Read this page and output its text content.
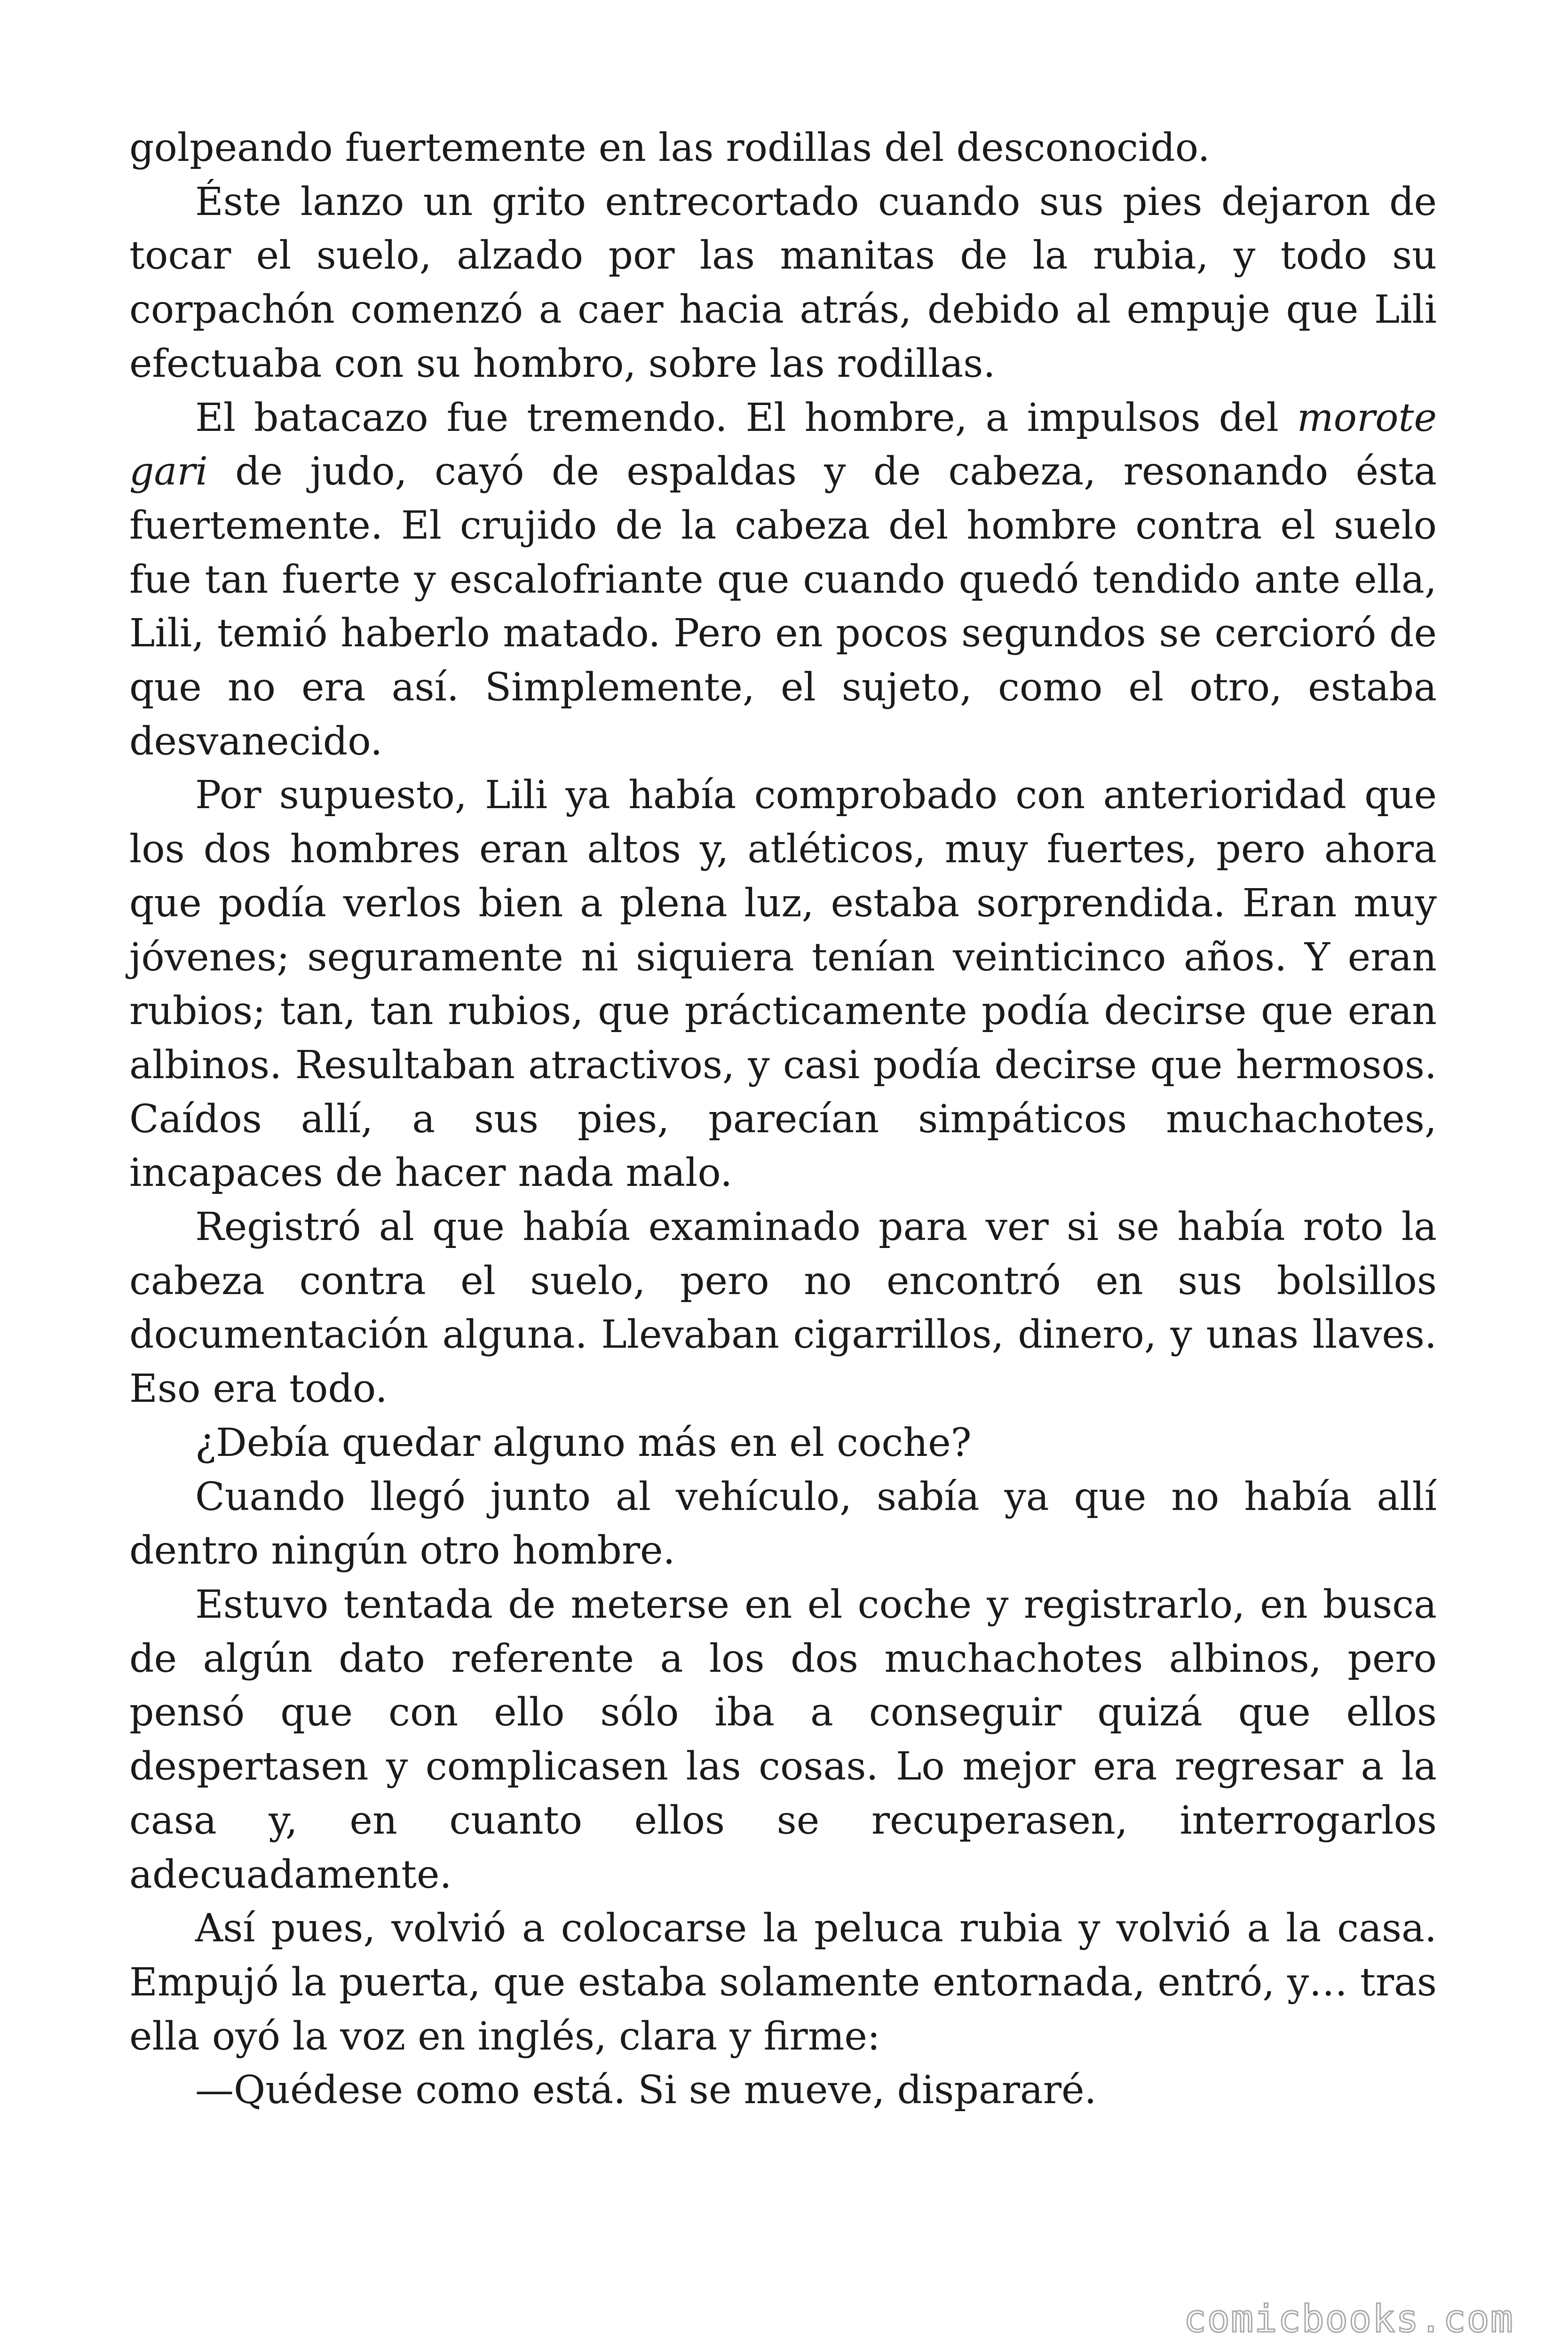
golpeando fuertemente en las rodillas del desconocido.

Éste lanzo un grito entrecortado cuando sus pies dejaron de tocar el suelo, alzado por las manitas de la rubia, y todo su corpachón comenzó a caer hacia atrás, debido al empuje que Lili efectuaba con su hombro, sobre las rodillas.

El batacazo fue tremendo. El hombre, a impulsos del morote gari de judo, cayó de espaldas y de cabeza, resonando ésta fuertemente. El crujido de la cabeza del hombre contra el suelo fue tan fuerte y escalofriante que cuando quedó tendido ante ella, Lili, temió haberlo matado. Pero en pocos segundos se cercioró de que no era así. Simplemente, el sujeto, como el otro, estaba desvanecido.

Por supuesto, Lili ya había comprobado con anterioridad que los dos hombres eran altos y, atléticos, muy fuertes, pero ahora que podía verlos bien a plena luz, estaba sorprendida. Eran muy jóvenes; seguramente ni siquiera tenían veinticinco años. Y eran rubios; tan, tan rubios, que prácticamente podía decirse que eran albinos. Resultaban atractivos, y casi podía decirse que hermosos. Caídos allí, a sus pies, parecían simpáticos muchachotes, incapaces de hacer nada malo.

Registró al que había examinado para ver si se había roto la cabeza contra el suelo, pero no encontró en sus bolsillos documentación alguna. Llevaban cigarrillos, dinero, y unas llaves. Eso era todo.

¿Debía quedar alguno más en el coche?

Cuando llegó junto al vehículo, sabía ya que no había allí dentro ningún otro hombre.

Estuvo tentada de meterse en el coche y registrarlo, en busca de algún dato referente a los dos muchachotes albinos, pero pensó que con ello sólo iba a conseguir quizá que ellos despertasen y complicasen las cosas. Lo mejor era regresar a la casa y, en cuanto ellos se recuperasen, interrogarlos adecuadamente.

Así pues, volvió a colocarse la peluca rubia y volvió a la casa. Empujó la puerta, que estaba solamente entornada, entró, y… tras ella oyó la voz en inglés, clara y firme:

—Quédese como está. Si se mueve, dispararé.

comicbooks.com
